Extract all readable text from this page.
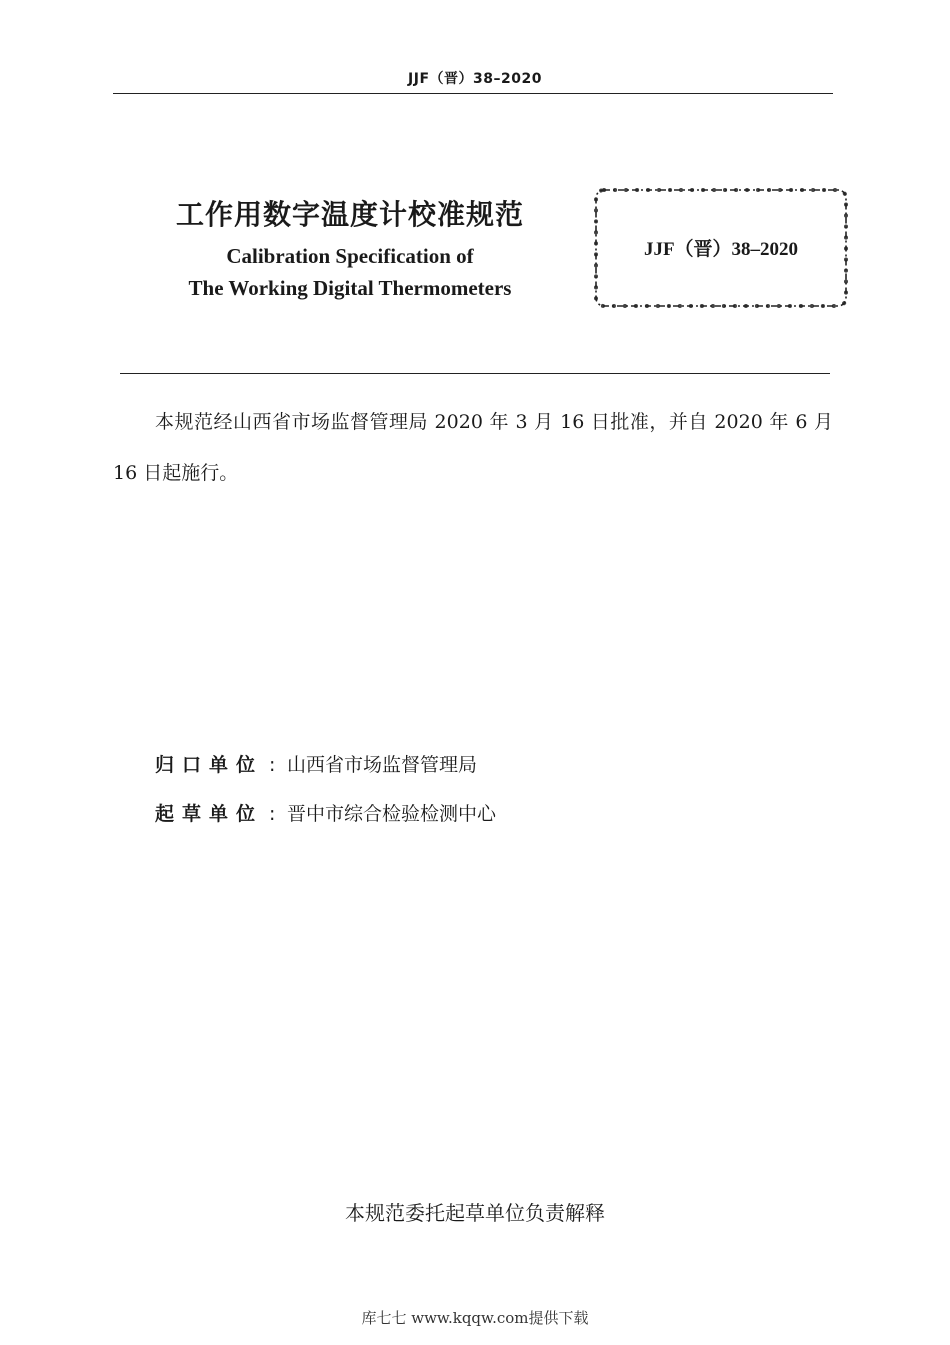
JJF（晋）38–2020
工作用数字温度计校准规范
Calibration Specification of
The Working Digital Thermometers
JJF（晋）38–2020
本规范经山西省市场监督管理局 2020 年 3 月 16 日批准，并自 2020 年 6 月 16 日起施行。
归口单位 : 山西省市场监督管理局
起草单位 : 晋中市综合检验检测中心
本规范委托起草单位负责解释
库七七 www.kqqw.com提供下载
